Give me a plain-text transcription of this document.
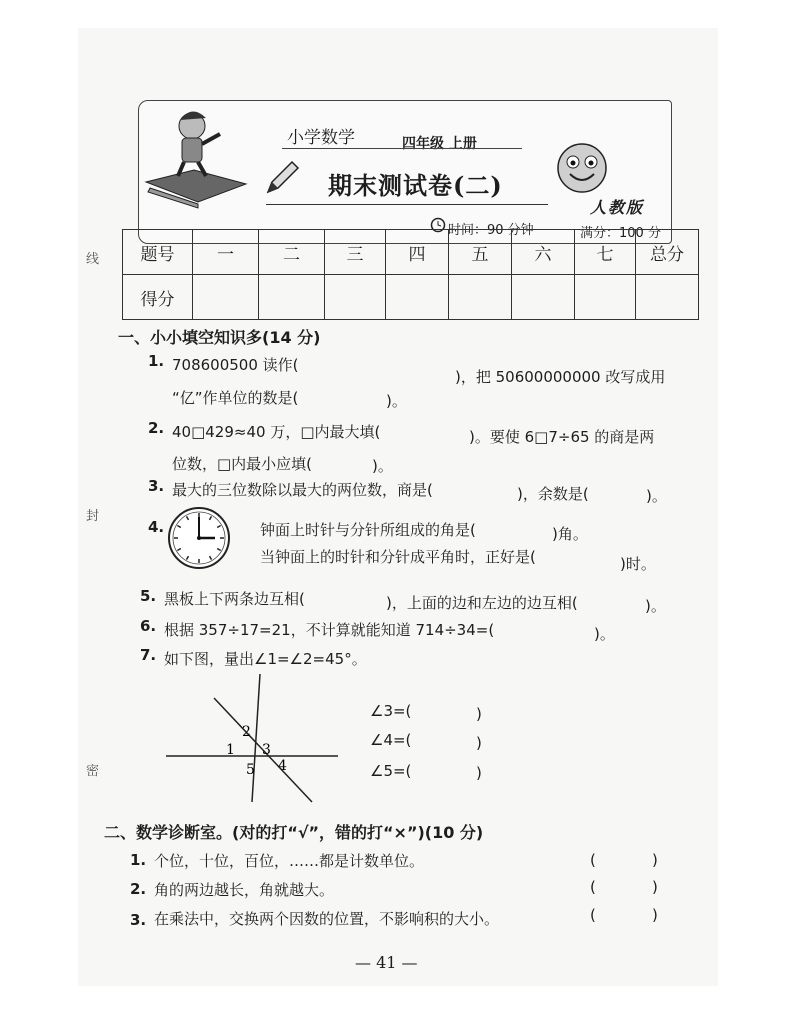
线
封
密
小学数学	四年级 上册
期末测试卷(二)
人教版
时间：90 分钟	满分：100 分
题号	一	二	三	四	五	六	七	总分
得分								
一、小小填空知识多(14 分)
1. 708600500 读作(
)，把 50600000000 改写成用
“亿”作单位的数是(	)。
2. 40□429≈40 万，□内最大填(	)。要使 6□7÷65 的商是两
位数，□内最小应填(	)。
3. 最大的三位数除以最大的两位数，商是(	)，余数是(	)。
4.	钟面上时针与分针所组成的角是(	)角。
当钟面上的时针和分针成平角时，正好是(	)时。
5. 黑板上下两条边互相(	)，上面的边和左边的边互相(	)。
6. 根据 357÷17=21，不计算就能知道 714÷34=(	)。
7. 如下图，量出∠1=∠2=45°。
2
1 3
5 4
∠3=(	)
∠4=(	)
∠5=(	)
二、数学诊断室。(对的打“√”，错的打“×”)(10 分)
1. 个位，十位，百位，……都是计数单位。	(	)
2. 角的两边越长，角就越大。	(	)
3. 在乘法中，交换两个因数的位置，不影响积的大小。	(	)
— 41 —
